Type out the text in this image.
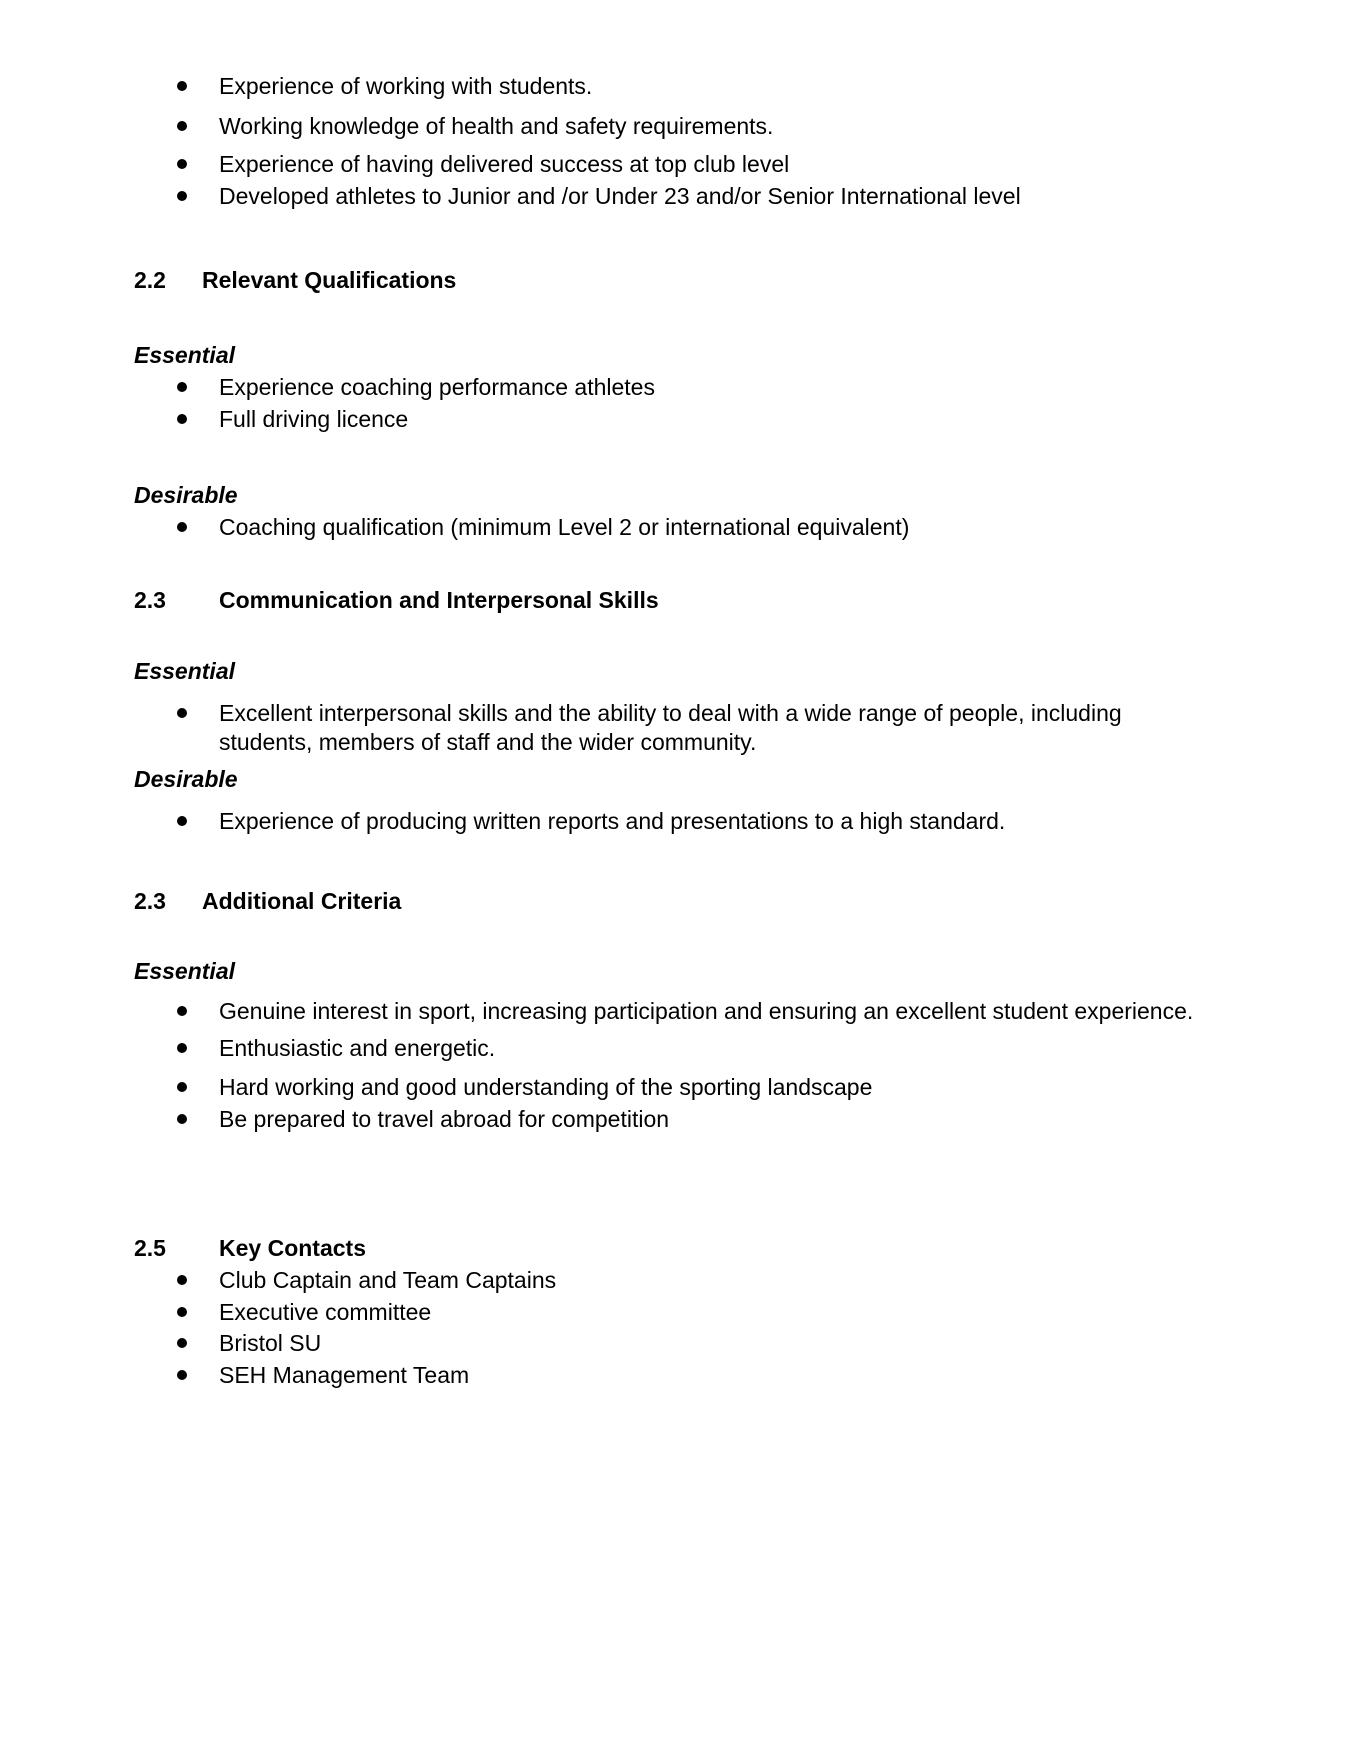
Experience of working with students.
Working knowledge of health and safety requirements.
Experience of having delivered success at top club level
Developed athletes to Junior and /or Under 23 and/or Senior International level
2.2 Relevant Qualifications
Essential
Experience coaching performance athletes
Full driving licence
Desirable
Coaching qualification (minimum Level 2 or international equivalent)
2.3 Communication and Interpersonal Skills
Essential
Excellent interpersonal skills and the ability to deal with a wide range of people, including
students, members of staff and the wider community.
Desirable
Experience of producing written reports and presentations to a high standard.
2.3 Additional Criteria
Essential
Genuine interest in sport, increasing participation and ensuring an excellent student experience.
Enthusiastic and energetic.
Hard working and good understanding of the sporting landscape
Be prepared to travel abroad for competition
2.5 Key Contacts
Club Captain and Team Captains
Executive committee
Bristol SU
SEH Management Team
